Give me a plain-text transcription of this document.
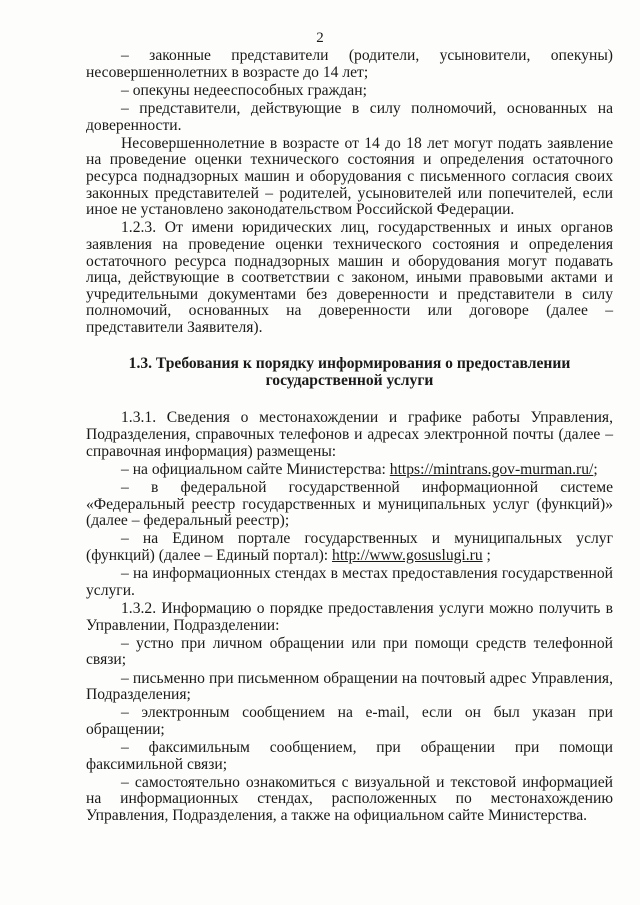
2

– законные представители (родители, усыновители, опекуны) несовершеннолетних в возрасте до 14 лет;

– опекуны недееспособных граждан;

– представители, действующие в силу полномочий, основанных на доверенности.

Несовершеннолетние в возрасте от 14 до 18 лет могут подать заявление на проведение оценки технического состояния и определения остаточного ресурса поднадзорных машин и оборудования с письменного согласия своих законных представителей – родителей, усыновителей или попечителей, если иное не установлено законодательством Российской Федерации.

1.2.3. От имени юридических лиц, государственных и иных органов заявления на проведение оценки технического состояния и определения остаточного ресурса поднадзорных машин и оборудования могут подавать лица, действующие в соответствии с законом, иными правовыми актами и учредительными документами без доверенности и представители в силу полномочий, основанных на доверенности или договоре (далее – представители Заявителя).

1.3. Требования к порядку информирования о предоставлении государственной услуги

1.3.1. Сведения о местонахождении и графике работы Управления, Подразделения, справочных телефонов и адресах электронной почты (далее – справочная информация) размещены:

– на официальном сайте Министерства: https://mintrans.gov-murman.ru/;

– в федеральной государственной информационной системе «Федеральный реестр государственных и муниципальных услуг (функций)» (далее – федеральный реестр);

– на Едином портале государственных и муниципальных услуг (функций) (далее – Единый портал): http://www.gosuslugi.ru ;

– на информационных стендах в местах предоставления государственной услуги.

1.3.2. Информацию о порядке предоставления услуги можно получить в Управлении, Подразделении:

– устно при личном обращении или при помощи средств телефонной связи;

– письменно при письменном обращении на почтовый адрес Управления, Подразделения;

– электронным сообщением на e-mail, если он был указан при обращении;

– факсимильным сообщением, при обращении при помощи факсимильной связи;

– самостоятельно ознакомиться с визуальной и текстовой информацией на информационных стендах, расположенных по местонахождению Управления, Подразделения, а также на официальном сайте Министерства.
